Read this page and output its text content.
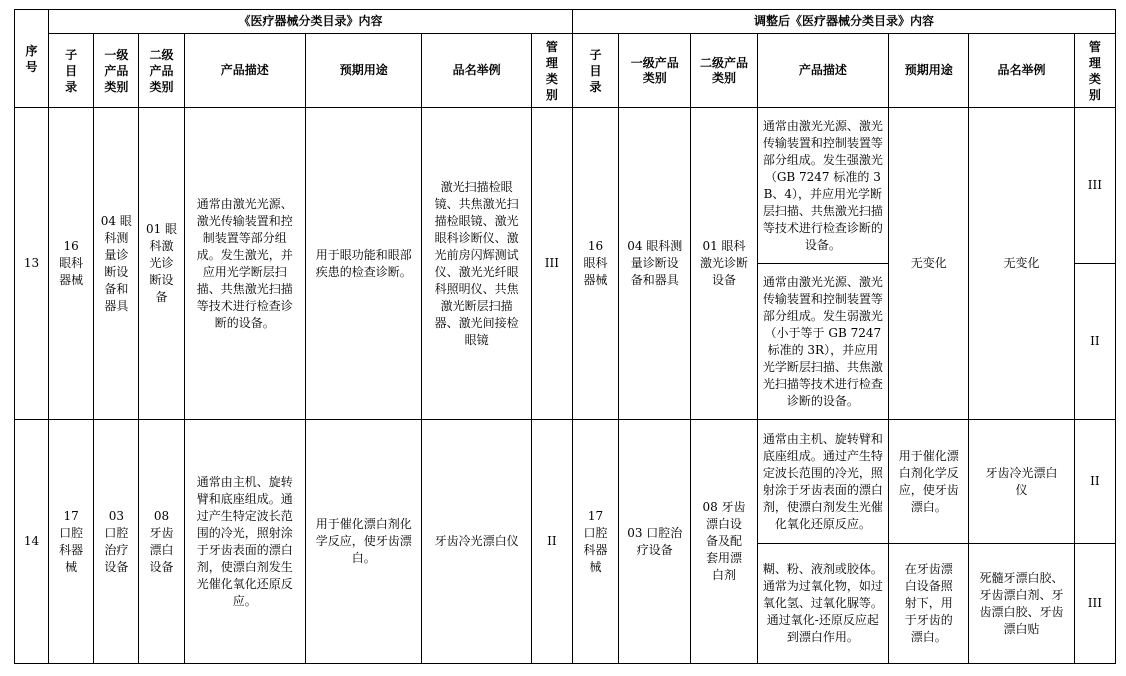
序号	《医疗器械分类目录》内容							调整后《医疗器械分类目录》内容						
	子目录	一级产品类别	二级产品类别	产品描述	预期用途	品名举例	管理类别	子目录	一级产品类别	二级产品类别	产品描述	预期用途	品名举例	管理类别
13	16 眼科器械	04 眼科测量诊断设备和器具	01 眼科激光诊断设备	通常由激光光源、激光传输装置和控制装置等部分组成。发生激光，并应用光学断层扫描、共焦激光扫描等技术进行检查诊断的设备。	用于眼功能和眼部疾患的检查诊断。	激光扫描检眼镜、共焦激光扫描检眼镜、激光眼科诊断仪、激光前房闪辉测试仪、激光光纤眼科照明仪、共焦激光断层扫描器、激光间接检眼镜	III	16 眼科器械	04 眼科测量诊断设备和器具	01 眼科激光诊断设备	通常由激光光源、激光传输装置和控制装置等部分组成。发生强激光（GB 7247 标准的 3B、4），并应用光学断层扫描、共焦激光扫描等技术进行检查诊断的设备。	无变化	无变化	III
											通常由激光光源、激光传输装置和控制装置等部分组成。发生弱激光（小于等于 GB 7247 标准的 3R），并应用光学断层扫描、共焦激光扫描等技术进行检查诊断的设备。			II
14	17 口腔科器械	03 口腔治疗设备	08 牙齿漂白设备	通常由主机、旋转臂和底座组成。通过产生特定波长范围的冷光，照射涂于牙齿表面的漂白剂，使漂白剂发生光催化氧化还原反应。	用于催化漂白剂化学反应，使牙齿漂白。	牙齿冷光漂白仪	II	17 口腔科器械	03 口腔治疗设备	08 牙齿漂白设备及配套用漂白剂	通常由主机、旋转臂和底座组成。通过产生特定波长范围的冷光，照射涂于牙齿表面的漂白剂，使漂白剂发生光催化氧化还原反应。	用于催化漂白剂化学反应，使牙齿漂白。	牙齿冷光漂白仪	II
											糊、粉、液剂或胶体。通常为过氧化物，如过氧化氢、过氧化脲等。通过氧化-还原反应起到漂白作用。	在牙齿漂白设备照射下，用于牙齿的漂白。	死髓牙漂白胶、牙齿漂白剂、牙齿漂白胶、牙齿漂白贴	III
